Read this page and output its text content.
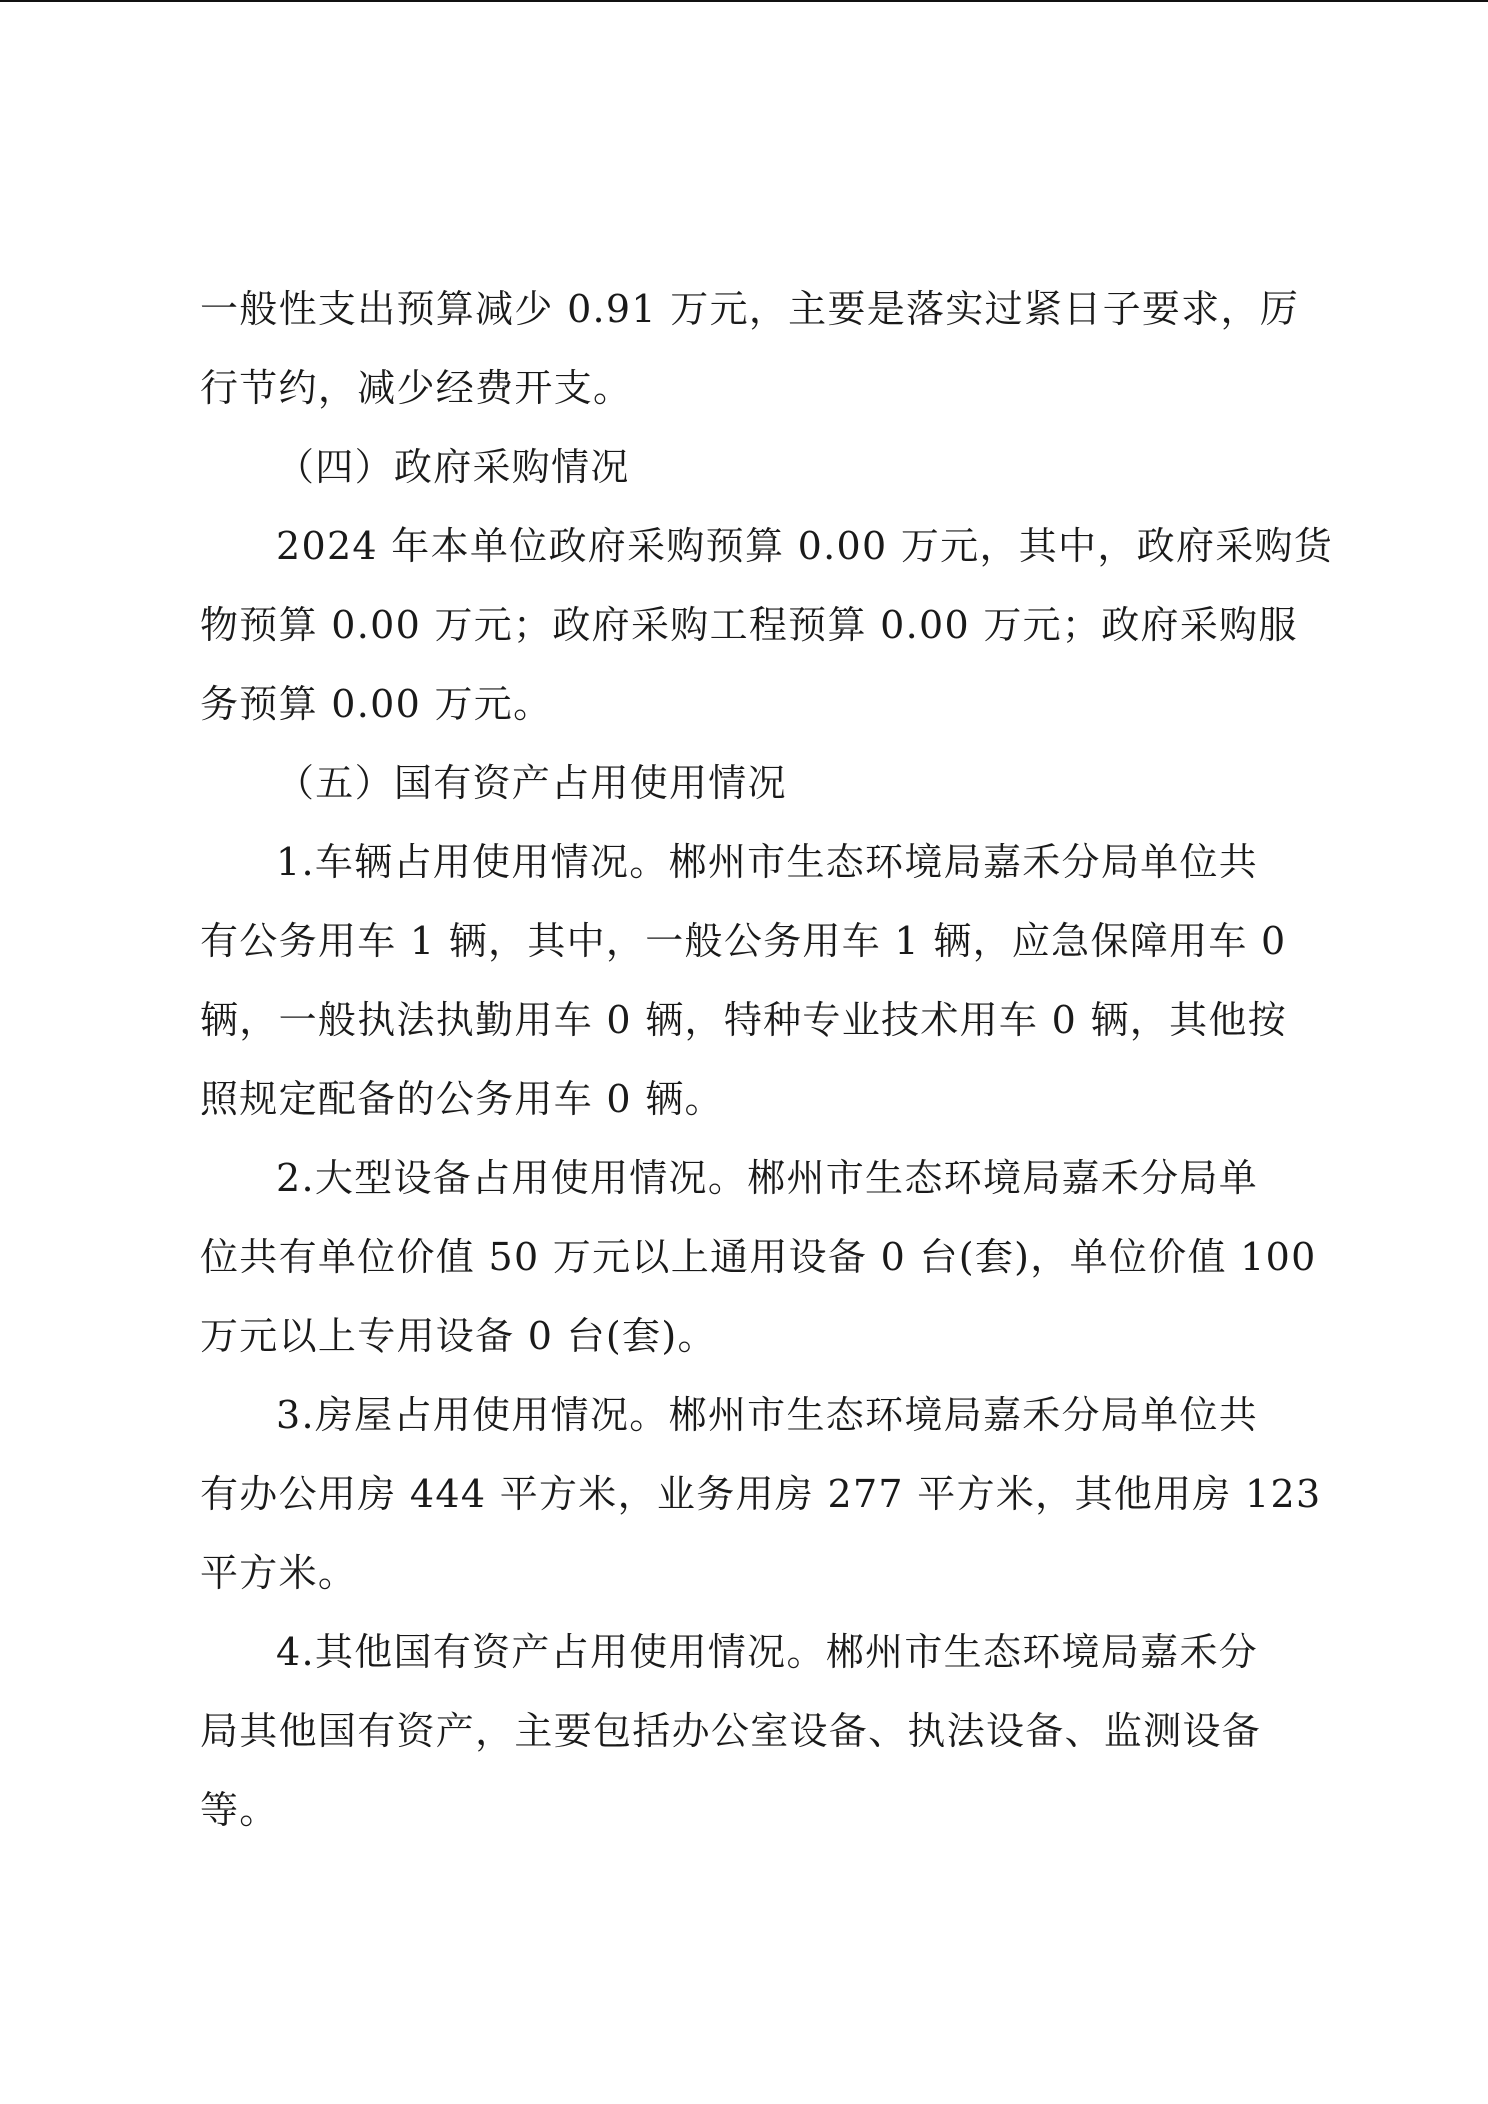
一般性支出预算减少 0.91 万元，主要是落实过紧日子要求，厉
行节约，减少经费开支。
（四）政府采购情况
2024 年本单位政府采购预算 0.00 万元，其中，政府采购货
物预算 0.00 万元；政府采购工程预算 0.00 万元；政府采购服
务预算 0.00 万元。
（五）国有资产占用使用情况
1.车辆占用使用情况。郴州市生态环境局嘉禾分局单位共
有公务用车 1 辆，其中，一般公务用车 1 辆，应急保障用车 0
辆，一般执法执勤用车 0 辆，特种专业技术用车 0 辆，其他按
照规定配备的公务用车 0 辆。
2.大型设备占用使用情况。郴州市生态环境局嘉禾分局单
位共有单位价值 50 万元以上通用设备 0 台(套)，单位价值 100
万元以上专用设备 0 台(套)。
3.房屋占用使用情况。郴州市生态环境局嘉禾分局单位共
有办公用房 444 平方米，业务用房 277 平方米，其他用房 123
平方米。
4.其他国有资产占用使用情况。郴州市生态环境局嘉禾分
局其他国有资产，主要包括办公室设备、执法设备、监测设备
等。
